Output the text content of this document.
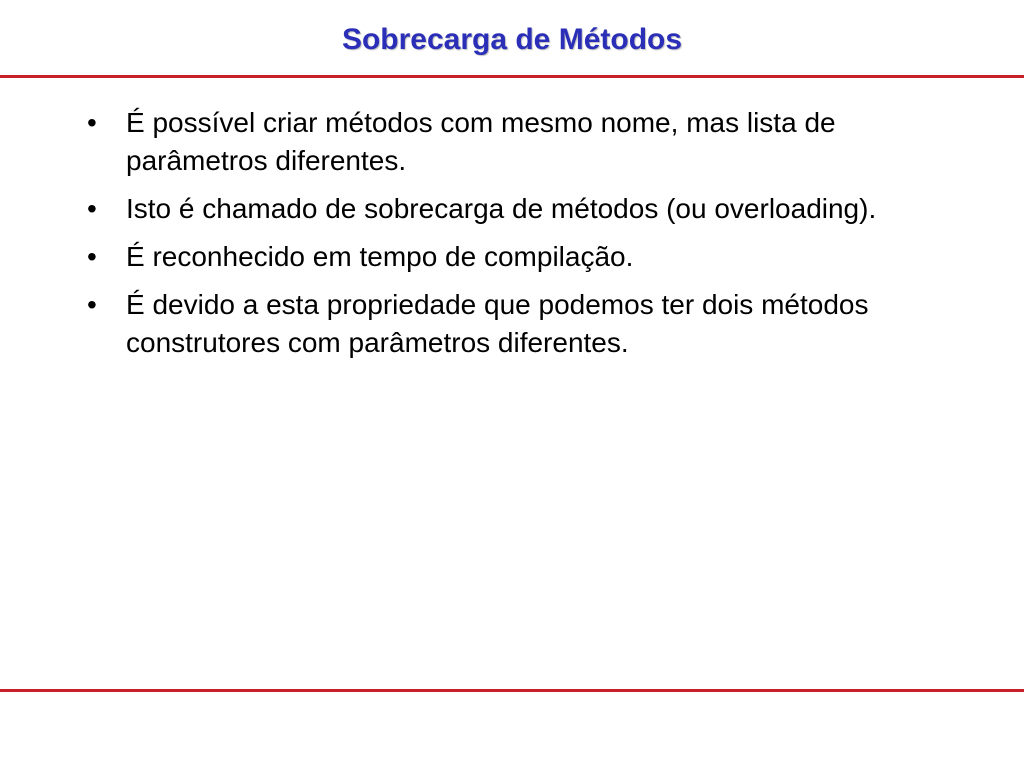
Sobrecarga de Métodos
• É possível criar métodos com mesmo nome, mas lista de parâmetros diferentes.
• Isto é chamado de sobrecarga de métodos (ou overloading).
• É reconhecido em tempo de compilação.
• É devido a esta propriedade que podemos ter dois métodos construtores com parâmetros diferentes.
